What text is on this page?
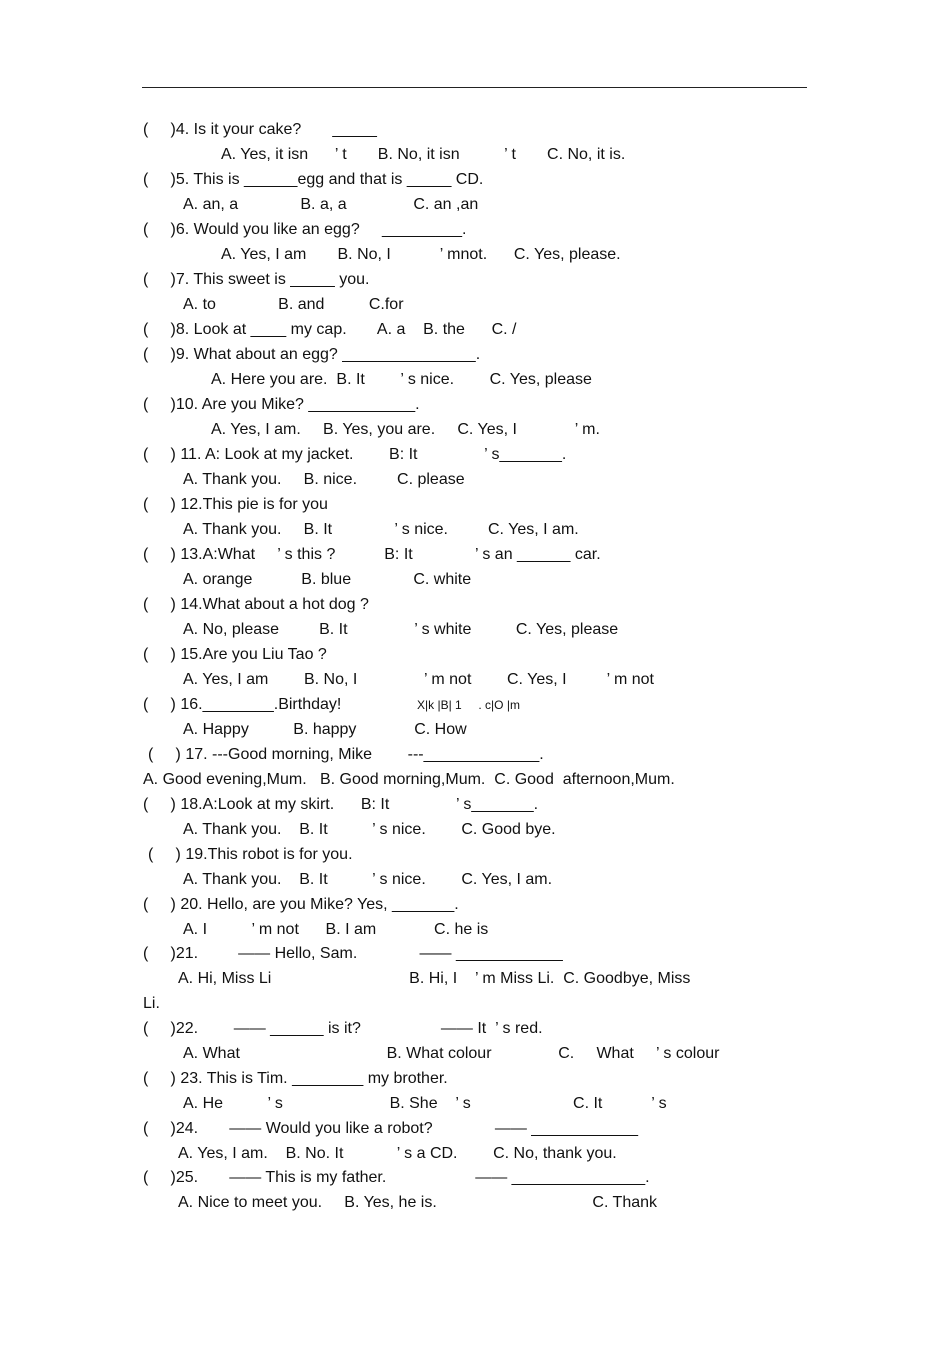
(     )4. Is it your cake?       _____
A. Yes, it isn      ’ t       B. No, it isn          ’ t       C. No, it is.
(     )5. This is ______egg and that is _____ CD.
A. an, a              B. a, a               C. an ,an
(     )6. Would you like an egg?     _________.
A. Yes, I am       B. No, I           ’ mnot.      C. Yes, please.
(     )7. This sweet is _____ you.
A. to              B. and          C.for
(     )8. Look at ____ my cap.       A. a    B. the      C. /
(     )9. What about an egg? _______________.
A. Here you are.  B. It        ’ s nice.        C. Yes, please
(     )10. Are you Mike? ____________.
A. Yes, I am.     B. Yes, you are.     C. Yes, I             ’ m.
(     ) 11. A: Look at my jacket.        B: It               ’ s_______.
A. Thank you.     B. nice.         C. please
(     ) 12.This pie is for you
A. Thank you.     B. It              ’ s nice.         C. Yes, I am.
(     ) 13.A:What     ’ s this ?           B: It              ’ s an ______ car.
A. orange           B. blue              C. white
(     ) 14.What about a hot dog ?
A. No, please         B. It               ’ s white          C. Yes, please
(     ) 15.Are you Liu Tao ?
A. Yes, I am        B. No, I               ’ m not        C. Yes, I         ’ m not
(     ) 16.________.Birthday!	X|k |B| 1     . c|O |m
A. Happy          B. happy             C. How
(     ) 17. ---Good morning, Mike        ---_____________.
A. Good evening,Mum.   B. Good morning,Mum.  C. Good  afternoon,Mum.
(     ) 18.A:Look at my skirt.      B: It               ’ s_______.
A. Thank you.    B. It          ’ s nice.        C. Good bye.
(     ) 19.This robot is for you.
A. Thank you.    B. It          ’ s nice.        C. Yes, I am.
(     ) 20. Hello, are you Mike? Yes, _______.
A. I          ’ m not      B. I am             C. he is
(     )21.         —— Hello, Sam.              —— ____________
A. Hi, Miss Li                               B. Hi, I    ’ m Miss Li.  C. Goodbye, Miss
Li.
(     )22.        —— ______ is it?                  —— It  ’ s red.
A. What                                 B. What colour               C.     What     ’ s colour
(     ) 23. This is Tim. ________ my brother.
A. He          ’ s                        B. She    ’ s                       C. It           ’ s
(     )24.       —— Would you like a robot?              —— ____________
A. Yes, I am.    B. No. It            ’ s a CD.        C. No, thank you.
(     )25.       —— This is my father.                    —— _______________.
A. Nice to meet you.     B. Yes, he is.                                   C. Thank
